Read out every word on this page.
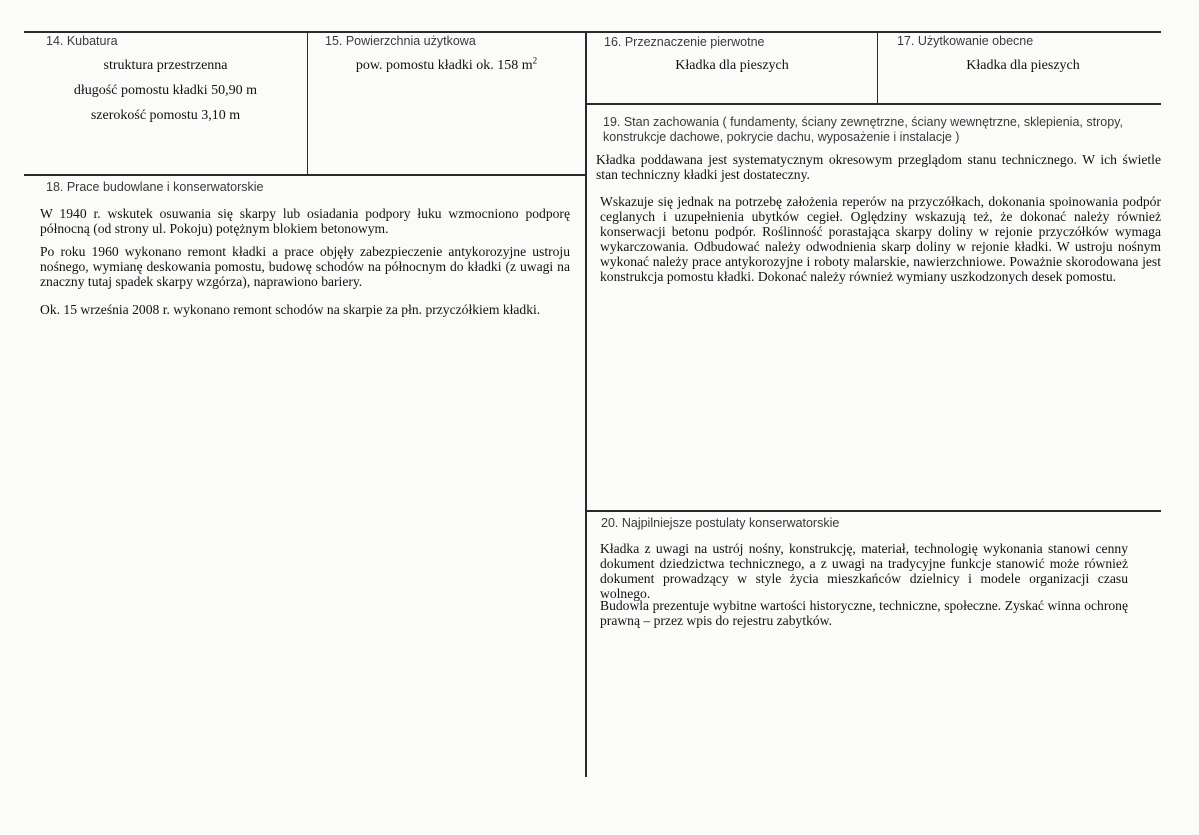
14. Kubatura
struktura przestrzenna
długość pomostu kładki 50,90 m
szerokość pomostu 3,10 m
15. Powierzchnia użytkowa
pow. pomostu kładki ok. 158 $m^2$
16. Przeznaczenie pierwotne
Kładka dla pieszych
17. Użytkowanie obecne
Kładka dla pieszych
19. Stan zachowania ( fundamenty, ściany zewnętrzne, ściany wewnętrzne, sklepienia, stropy, konstrukcje dachowe, pokrycie dachu, wyposażenie i instalacje )

Kładka poddawana jest systematycznym okresowym przeglądom stanu technicznego. W ich świetle stan techniczny kładki jest dostateczny.

Wskazuje się jednak na potrzebę założenia reperów na przyczółkach, dokonania spoinowania podpór ceglanych i uzupełnienia ubytków cegieł. Oględziny wskazują też, że dokonać należy również konserwacji betonu podpór. Roślinność porastająca skarpy doliny w rejonie przyczółków wymaga wykarczowania. Odbudować należy odwodnienia skarp doliny w rejonie kładki. W ustroju nośnym wykonać należy prace antykorozyjne i roboty malarskie, nawierzchniowe. Poważnie skorodowana jest konstrukcja pomostu kładki. Dokonać należy również wymiany uszkodzonych desek pomostu.

18. Prace budowlane i konserwatorskie

W 1940 r. wskutek osuwania się skarpy lub osiadania podpory łuku wzmocniono podporę północną (od strony ul. Pokoju) potężnym blokiem betonowym.

Po roku 1960 wykonano remont kładki a prace objęły zabezpieczenie antykorozyjne ustroju nośnego, wymianę deskowania pomostu, budowę schodów na północnym do kładki (z uwagi na znaczny tutaj spadek skarpy wzgórza), naprawiono bariery.

Ok. 15 września 2008 r. wykonano remont schodów na skarpie za płn. przyczółkiem kładki.

20. Najpilniejsze postulaty konserwatorskie

Kładka z uwagi na ustrój nośny, konstrukcję, materiał, technologię wykonania stanowi cenny dokument dziedzictwa technicznego, a z uwagi na tradycyjne funkcje stanowić może również dokument prowadzący w style życia mieszkańców dzielnicy i modele organizacji czasu wolnego.

Budowla prezentuje wybitne wartości historyczne, techniczne, społeczne. Zyskać winna ochronę prawną – przez wpis do rejestru zabytków.
